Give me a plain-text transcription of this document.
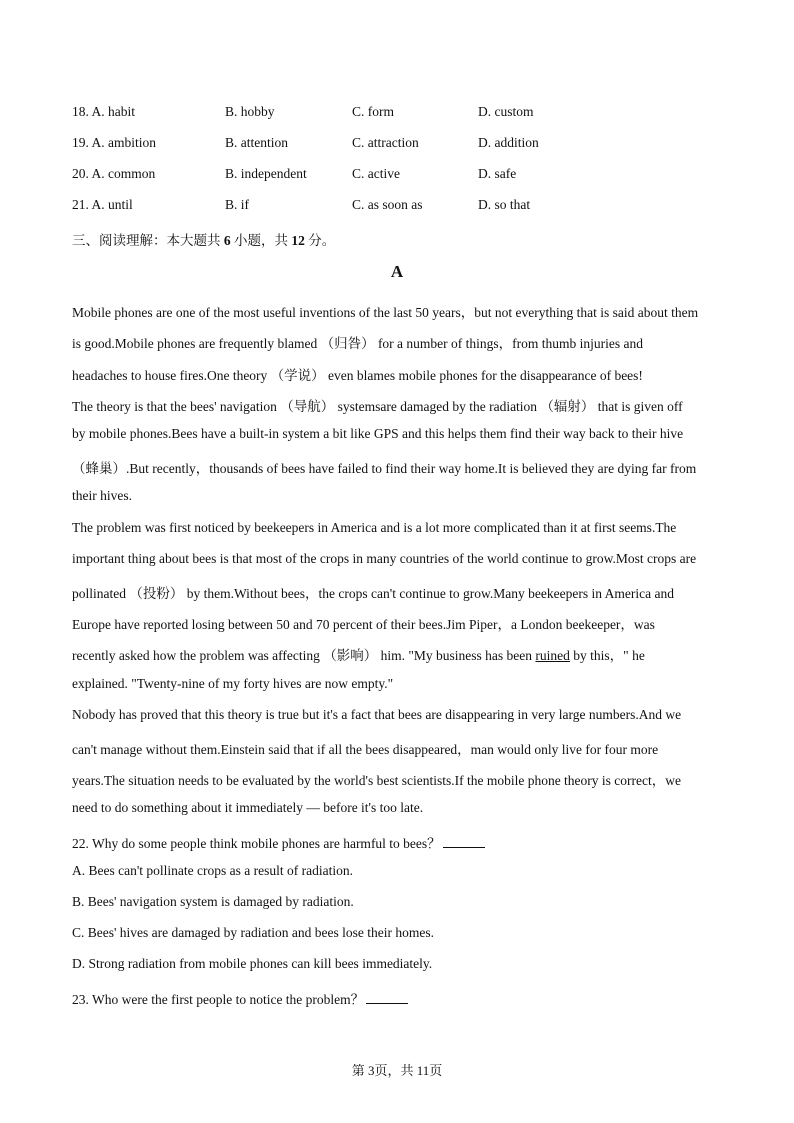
18. A. habit	B. hobby	C. form	D. custom
19. A. ambition	B. attention	C. attraction	D. addition
20. A. common	B. independent	C. active	D. safe
21. A. until	B. if	C. as soon as	D. so that
三、阅读理解：本大题共 6 小题，共 12 分。
A
Mobile phones are one of the most useful inventions of the last 50 years，but not everything that is said about them
is good.Mobile phones are frequently blamed （归咎） for a number of things，from thumb injuries and
headaches to house fires.One theory （学说） even blames mobile phones for the disappearance of bees!
The theory is that the bees' navigation （导航） systemsare damaged by the radiation （辐射） that is given off
by mobile phones.Bees have a built-in system a bit like GPS and this helps them find their way back to their hive
（蜂巢）.But recently，thousands of bees have failed to find their way home.It is believed they are dying far from
their hives.
The problem was first noticed by beekeepers in America and is a lot more complicated than it at first seems.The
important thing about bees is that most of the crops in many countries of the world continue to grow.Most crops are
pollinated （投粉） by them.Without bees，the crops can't continue to grow.Many beekeepers in America and
Europe have reported losing between 50 and 70 percent of their bees.Jim Piper，a London beekeeper，was
recently asked how the problem was affecting （影响） him. "My business has been ruined by this，" he
explained. "Twenty-nine of my forty hives are now empty."
Nobody has proved that this theory is true but it's a fact that bees are disappearing in very large numbers.And we
can't manage without them.Einstein said that if all the bees disappeared，man would only live for four more
years.The situation needs to be evaluated by the world's best scientists.If the mobile phone theory is correct，we
need to do something about it immediately — before it's too late.
22. Why do some people think mobile phones are harmful to bees？
A. Bees can't pollinate crops as a result of radiation.
B. Bees' navigation system is damaged by radiation.
C. Bees' hives are damaged by radiation and bees lose their homes.
D. Strong radiation from mobile phones can kill bees immediately.
23. Who were the first people to notice the problem？
第 3页，共 11页
